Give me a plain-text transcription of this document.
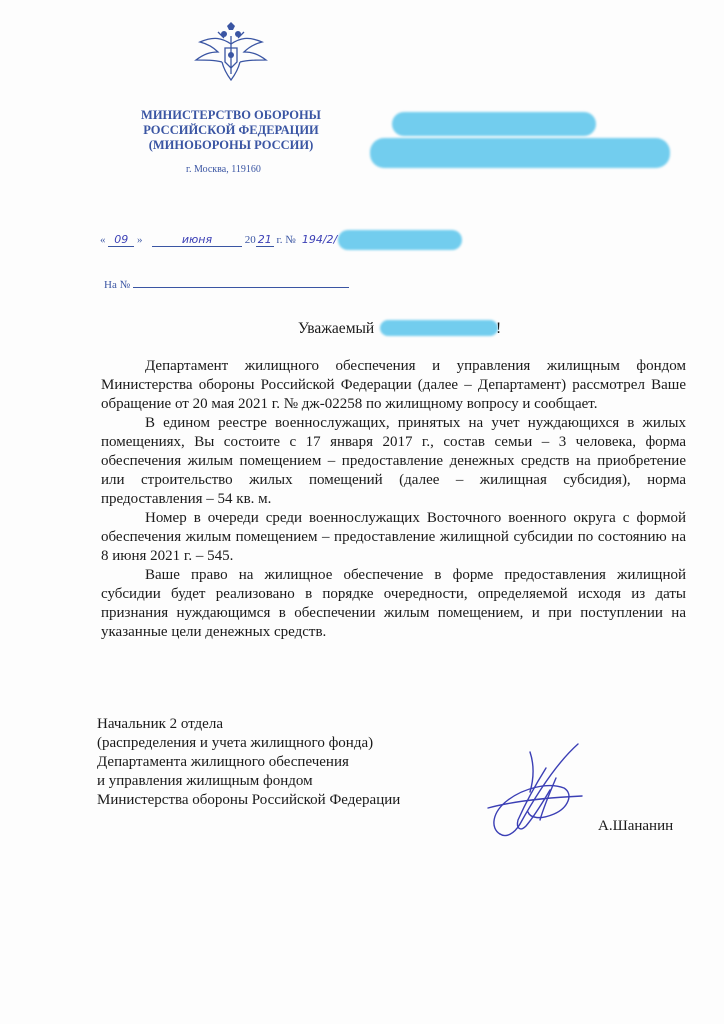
МИНИСТЕРСТВО ОБОРОНЫ
РОССИЙСКОЙ ФЕДЕРАЦИИ
(МИНОБОРОНЫ РОССИИ)
г. Москва, 119160
« 09 »	июня	20 21 г. № 194/2/
На №
Уважаемый	!

Департамент жилищного обеспечения и управления жилищным фондом Министерства обороны Российской Федерации (далее – Департамент) рассмотрел Ваше обращение от 20 мая 2021 г. № дж-02258 по жилищному вопросу и сообщает.

В едином реестре военнослужащих, принятых на учет нуждающихся в жилых помещениях, Вы состоите с 17 января 2017 г., состав семьи – 3 человека, форма обеспечения жилым помещением – предоставление денежных средств на приобретение или строительство жилых помещений (далее – жилищная субсидия), норма предоставления – 54 кв. м.

Номер в очереди среди военнослужащих Восточного военного округа с формой обеспечения жилым помещением – предоставление жилищной субсидии по состоянию на 8 июня 2021 г. – 545.

Ваше право на жилищное обеспечение в форме предоставления жилищной субсидии будет реализовано в порядке очередности, определяемой исходя из даты признания нуждающимся в обеспечении жилым помещением, и при поступлении на указанные цели денежных средств.

Начальник 2 отдела
(распределения и учета жилищного фонда)
Департамента жилищного обеспечения
и управления жилищным фондом
Министерства обороны Российской Федерации
А.Шананин
